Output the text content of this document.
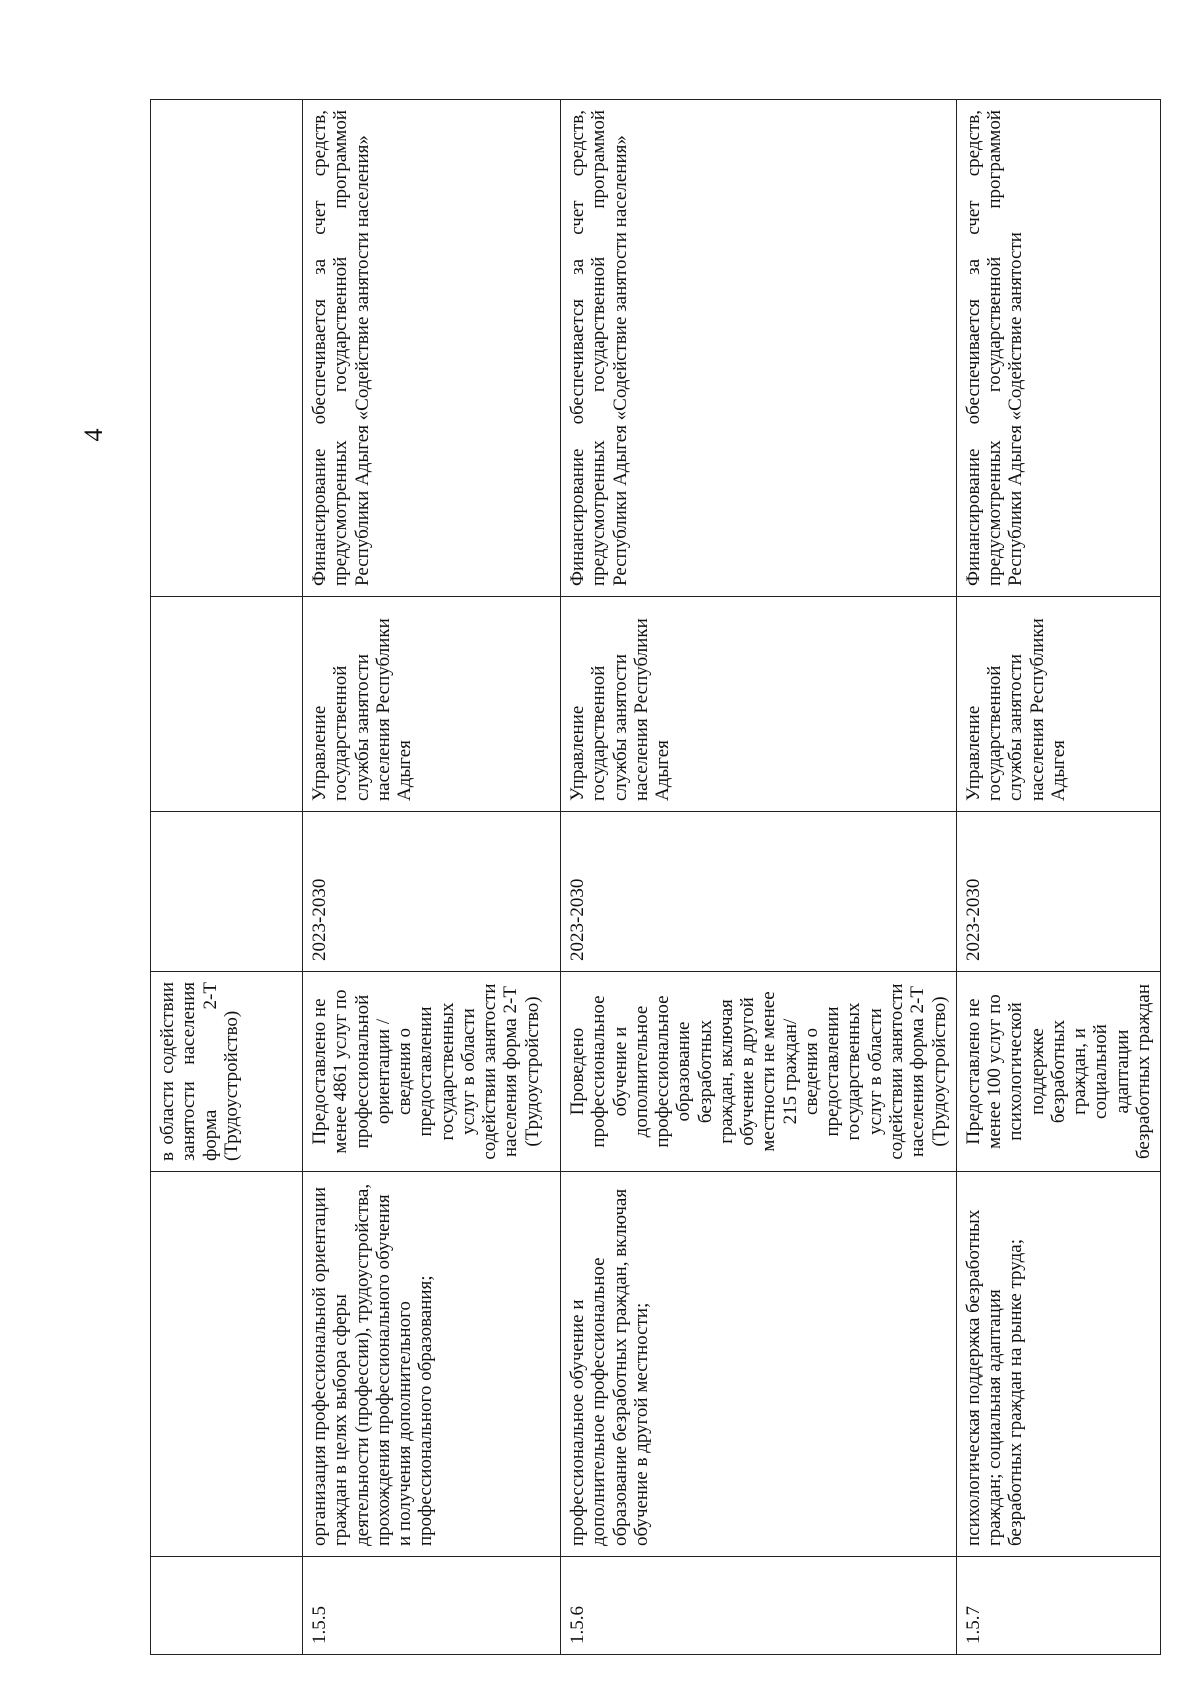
4
		в области содействии занятости населения форма 2-Т (Трудоустройство)			
1.5.5	организация профессиональной ориентации граждан в целях выбора сферы деятельности (профессии), трудоустройства, прохождения профессионального обучения и получения дополнительного профессионального образования;	Предоставлено не менее 4861 услуг по профессиональной ориентации / сведения о предоставлении государственных услуг в области содействии занятости населения форма 2-Т (Трудоустройство)	2023-2030	Управление государственной службы занятости населения Республики Адыгея	Финансирование обеспечивается за счет средств, предусмотренных государственной программой Республики Адыгея «Содействие занятости населения»
1.5.6	профессиональное обучение и дополнительное профессиональное образование безработных граждан, включая обучение в другой местности;	Проведено профессиональное обучение и дополнительное профессиональное образование безработных граждан, включая обучение в другой местности не менее 215 граждан/ сведения о предоставлении государственных услуг в области содействии занятости населения форма 2-Т (Трудоустройство)	2023-2030	Управление государственной службы занятости населения Республики Адыгея	Финансирование обеспечивается за счет средств, предусмотренных государственной программой Республики Адыгея «Содействие занятости населения»
1.5.7	психологическая поддержка безработных граждан; социальная адаптация безработных граждан на рынке труда;	Предоставлено не менее 100 услуг по психологической поддержке безработных граждан, и социальной адаптации безработных граждан	2023-2030	Управление государственной службы занятости населения Республики Адыгея	Финансирование обеспечивается за счет средств, предусмотренных государственной программой Республики Адыгея «Содействие занятости
